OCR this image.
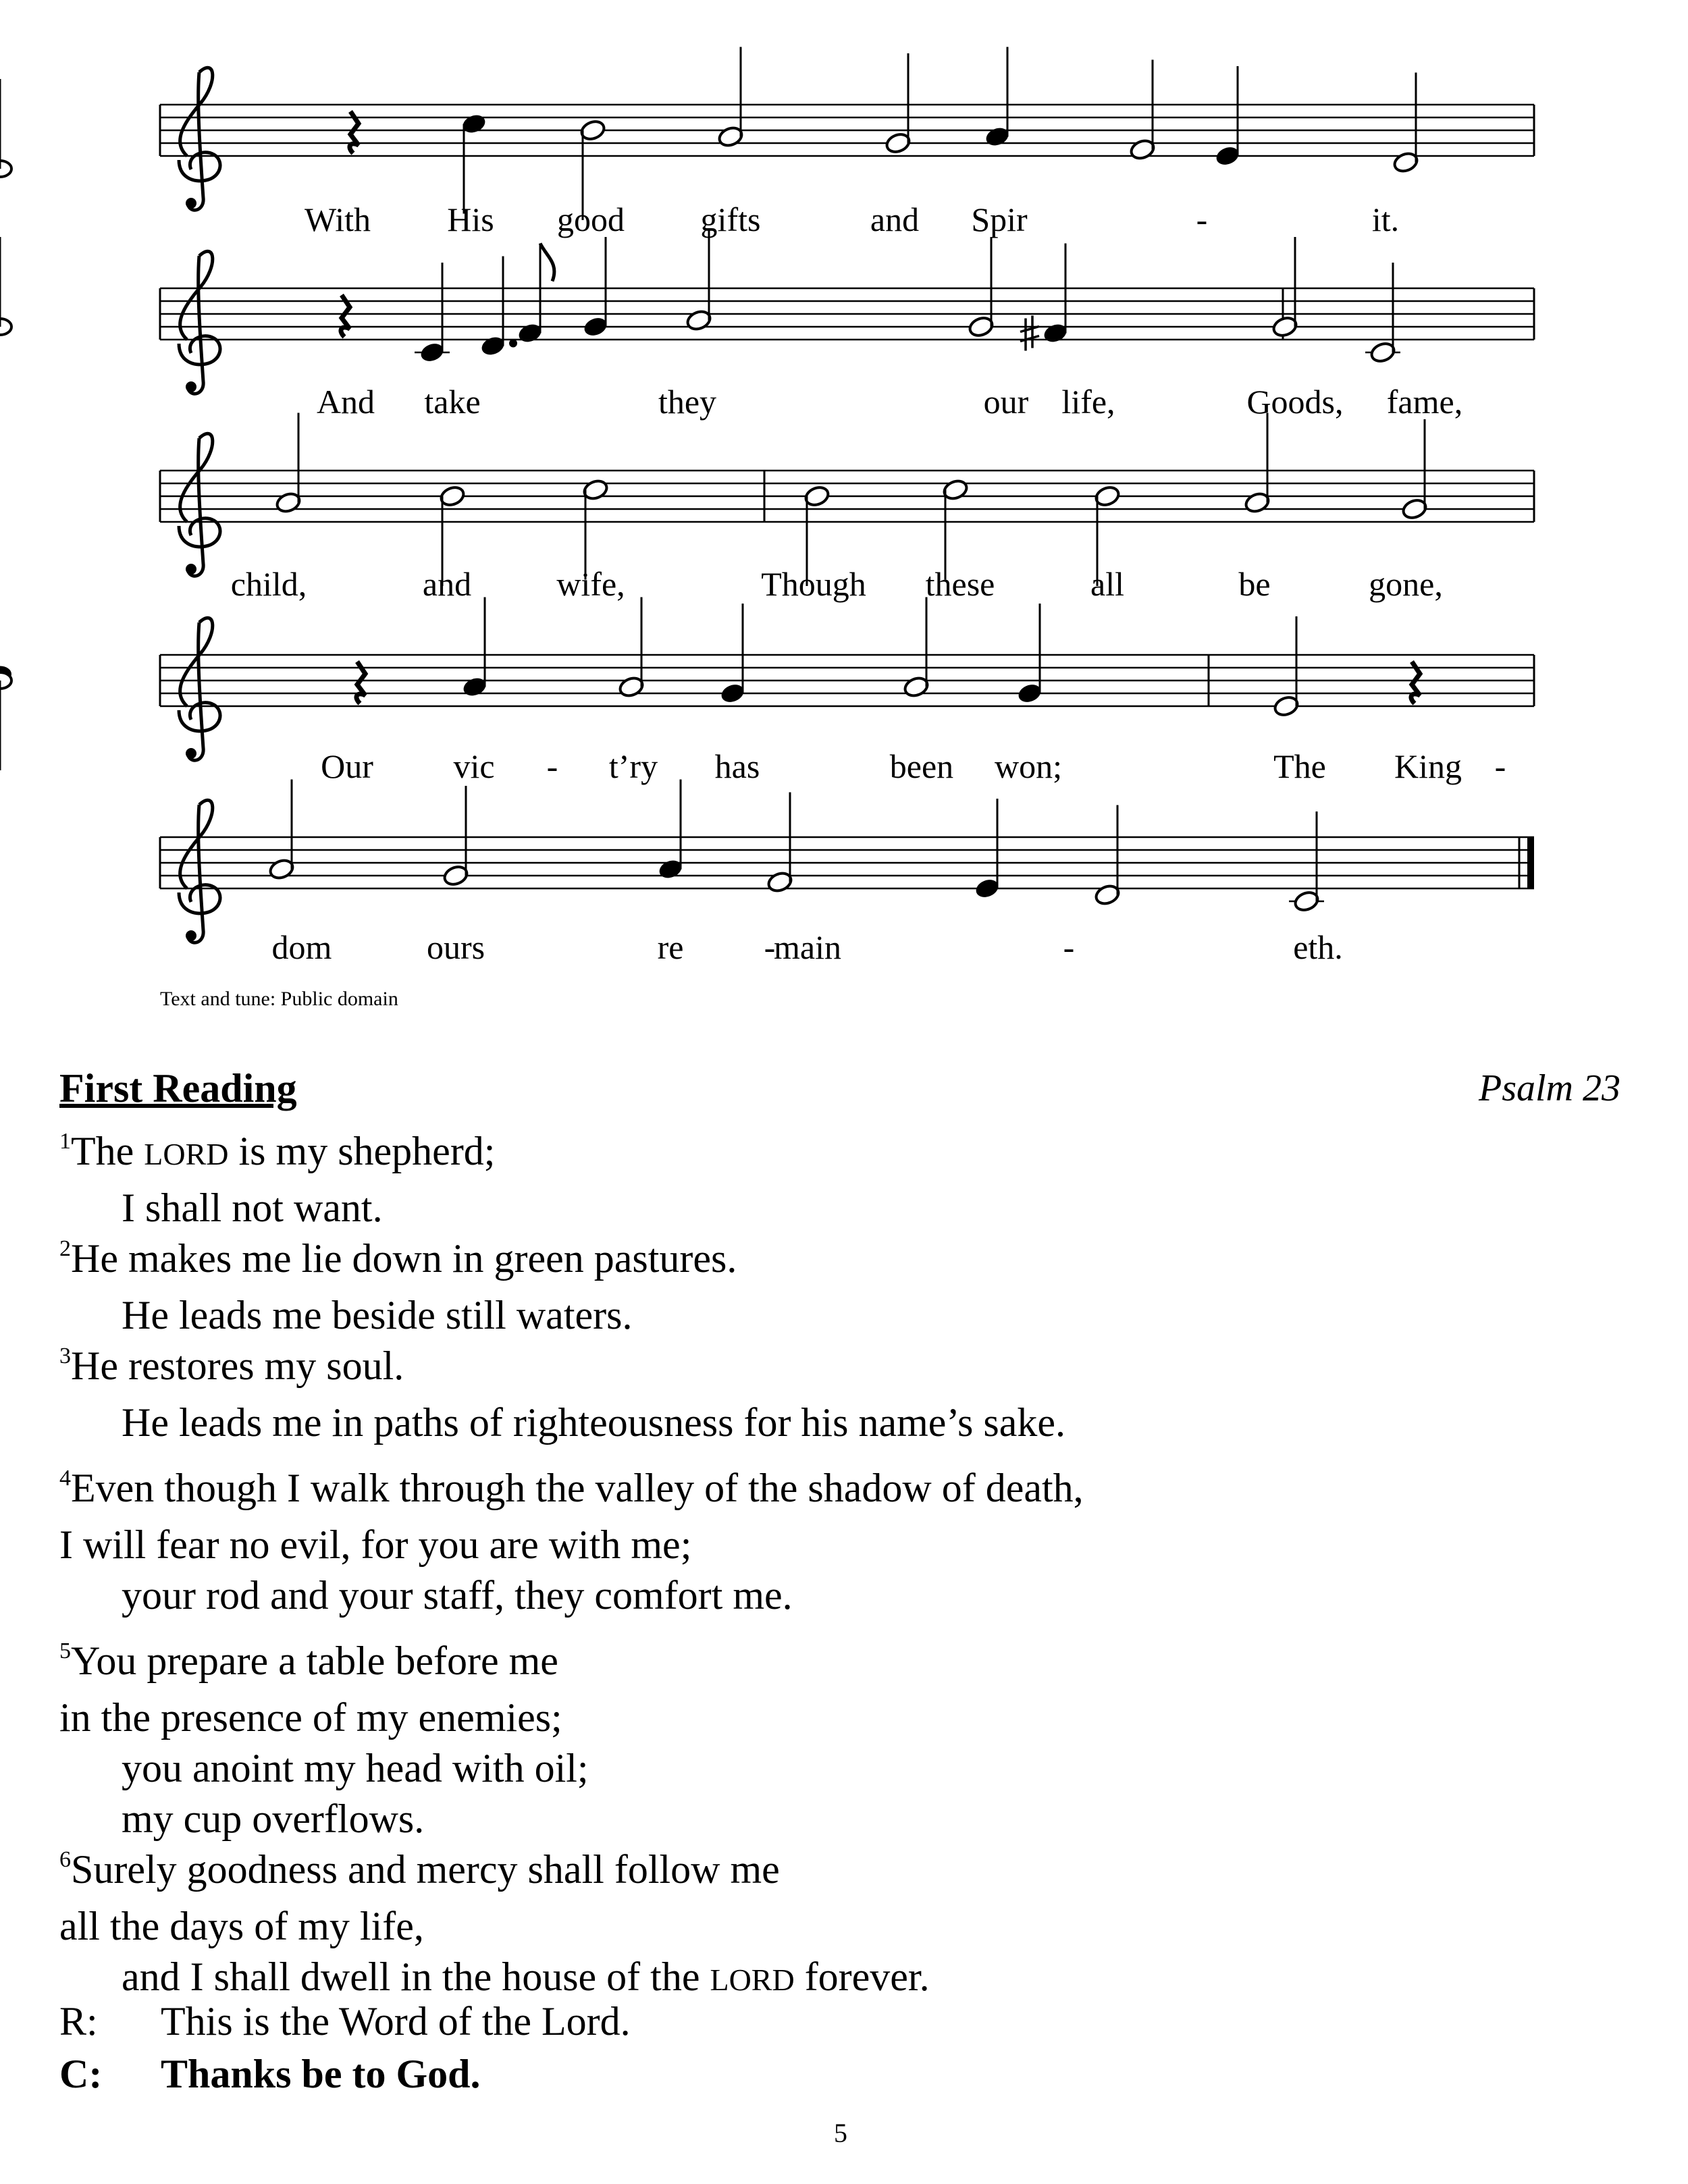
With His good gifts	and Spir	-	it.
And take	they	our life,	Goods, fame,
child,	and	wife,	Though these	all	be	gone,
Our vic - t’ry has	been won;	The King -
dom	ours	re -
main	-	eth.
Text and tune: Public domain
First Reading	Psalm 23
$^1$The LORD is my shepherd;
I shall not want.
$^2$He makes me lie down in green pastures.
He leads me beside still waters.
$^3$He restores my soul.
He leads me in paths of righteousness for his name’s sake.
$^4$Even though I walk through the valley of the shadow of death,
I will fear no evil, for you are with me;
your rod and your staff, they comfort me.
$^5$You prepare a table before me
in the presence of my enemies;
you anoint my head with oil;
my cup overflows.
$^6$Surely goodness and mercy shall follow me
all the days of my life,
and I shall dwell in the house of the LORD forever.
R: This is the Word of the Lord.
C: Thanks be to God.
5
